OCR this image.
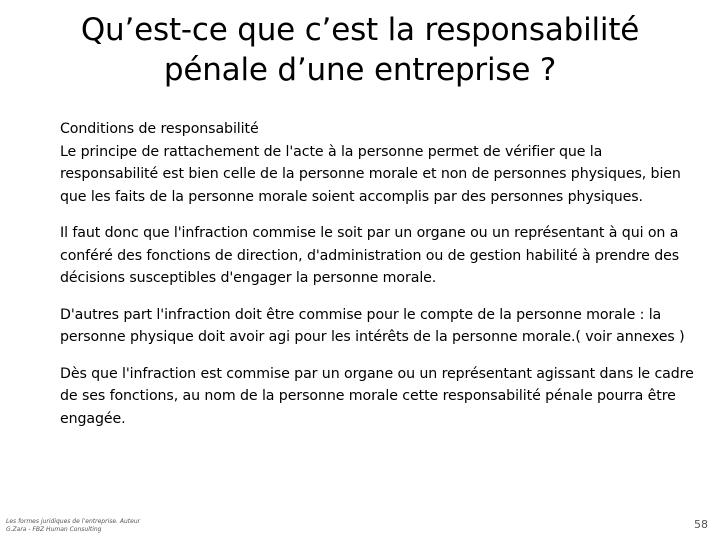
Qu’est-ce que c’est la responsabilité
pénale d’une entreprise ?

Conditions de responsabilité

Le principe de rattachement de l'acte à la personne permet de vérifier que la responsabilité est bien celle de la personne morale et non de personnes physiques, bien que les faits de la personne morale soient accomplis par des personnes physiques.

Il faut donc que l'infraction commise le soit par un organe ou un représentant à qui on a conféré des fonctions de direction, d'administration ou de gestion habilité à prendre des décisions susceptibles d'engager la personne morale.

D'autres part l'infraction doit être commise pour le compte de la personne morale : la personne physique doit avoir agi pour les intérêts de la personne morale.( voir annexes )

Dès que l'infraction est commise par un organe ou un représentant agissant dans le cadre de ses fonctions, au nom de la personne morale cette responsabilité pénale pourra être engagée.

Les formes juridiques de l’entreprise. Auteur
G.Zara - FBZ Human Consulting	58
